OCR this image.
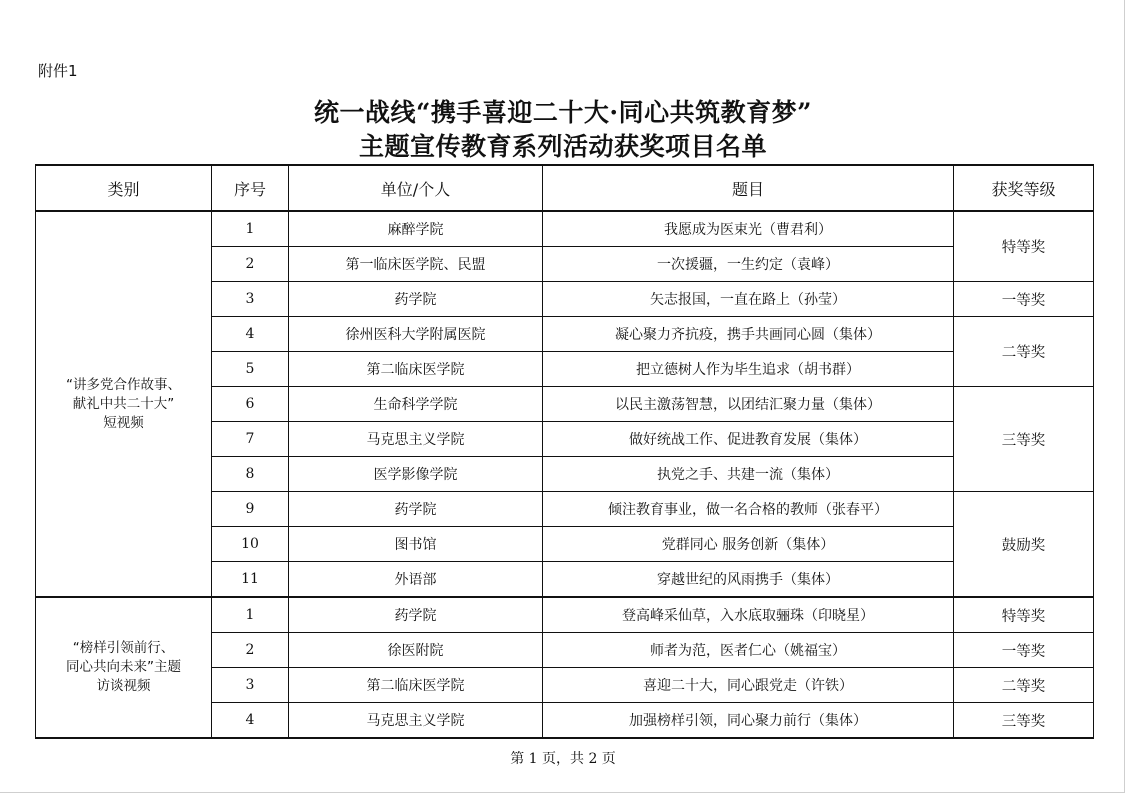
附件1
统一战线“携手喜迎二十大·同心共筑教育梦”
主题宣传教育系列活动获奖项目名单
类别	序号	单位/个人	题目	获奖等级
“讲多党合作故事、
献礼中共二十大”
短视频	1	麻醉学院	我愿成为医束光（曹君利）	特等奖
	2	第一临床医学院、民盟	一次援疆，一生约定（袁峰）	
	3	药学院	矢志报国，一直在路上（孙莹）	一等奖
	4	徐州医科大学附属医院	凝心聚力齐抗疫，携手共画同心圆（集体）	二等奖
	5	第二临床医学院	把立德树人作为毕生追求（胡书群）	
	6	生命科学学院	以民主激荡智慧，以团结汇聚力量（集体）	三等奖
	7	马克思主义学院	做好统战工作、促进教育发展（集体）	
	8	医学影像学院	执党之手、共建一流（集体）	
	9	药学院	倾注教育事业，做一名合格的教师（张春平）	鼓励奖
	10	图书馆	党群同心 服务创新（集体）	
	11	外语部	穿越世纪的风雨携手（集体）	
“榜样引领前行、
同心共向未来”主题
访谈视频	1	药学院	登高峰采仙草，入水底取骊珠（印晓星）	特等奖
	2	徐医附院	师者为范，医者仁心（姚福宝）	一等奖
	3	第二临床医学院	喜迎二十大，同心跟党走（许铁）	二等奖
	4	马克思主义学院	加强榜样引领，同心聚力前行（集体）	三等奖
第 1 页，共 2 页
